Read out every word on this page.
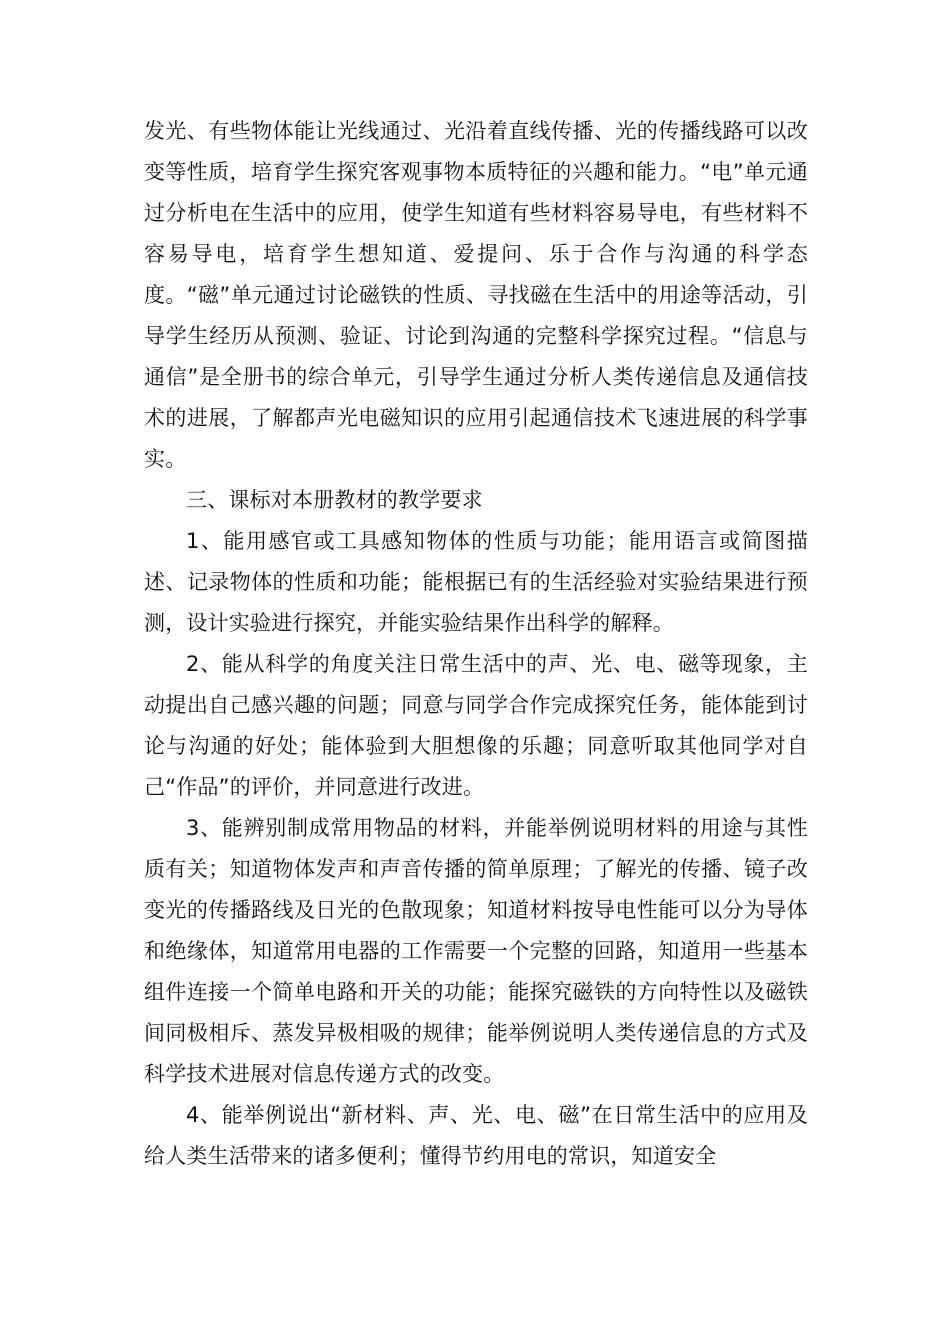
发光、有些物体能让光线通过、光沿着直线传播、光的传播线路可以改变等性质，培育学生探究客观事物本质特征的兴趣和能力。“电”单元通过分析电在生活中的应用，使学生知道有些材料容易导电，有些材料不容易导电，培育学生想知道、爱提问、乐于合作与沟通的科学态度。“磁”单元通过讨论磁铁的性质、寻找磁在生活中的用途等活动，引导学生经历从预测、验证、讨论到沟通的完整科学探究过程。“信息与通信”是全册书的综合单元，引导学生通过分析人类传递信息及通信技术的进展，了解都声光电磁知识的应用引起通信技术飞速进展的科学事实。

三、课标对本册教材的教学要求

1、能用感官或工具感知物体的性质与功能；能用语言或简图描述、记录物体的性质和功能；能根据已有的生活经验对实验结果进行预测，设计实验进行探究，并能实验结果作出科学的解释。

2、能从科学的角度关注日常生活中的声、光、电、磁等现象，主动提出自己感兴趣的问题；同意与同学合作完成探究任务，能体能到讨论与沟通的好处；能体验到大胆想像的乐趣；同意听取其他同学对自己“作品”的评价，并同意进行改进。

3、能辨别制成常用物品的材料，并能举例说明材料的用途与其性质有关；知道物体发声和声音传播的简单原理；了解光的传播、镜子改变光的传播路线及日光的色散现象；知道材料按导电性能可以分为导体和绝缘体，知道常用电器的工作需要一个完整的回路，知道用一些基本组件连接一个简单电路和开关的功能；能探究磁铁的方向特性以及磁铁间同极相斥、蒸发异极相吸的规律；能举例说明人类传递信息的方式及科学技术进展对信息传递方式的改变。

4、能举例说出“新材料、声、光、电、磁”在日常生活中的应用及给人类生活带来的诸多便利；懂得节约用电的常识，知道安全
